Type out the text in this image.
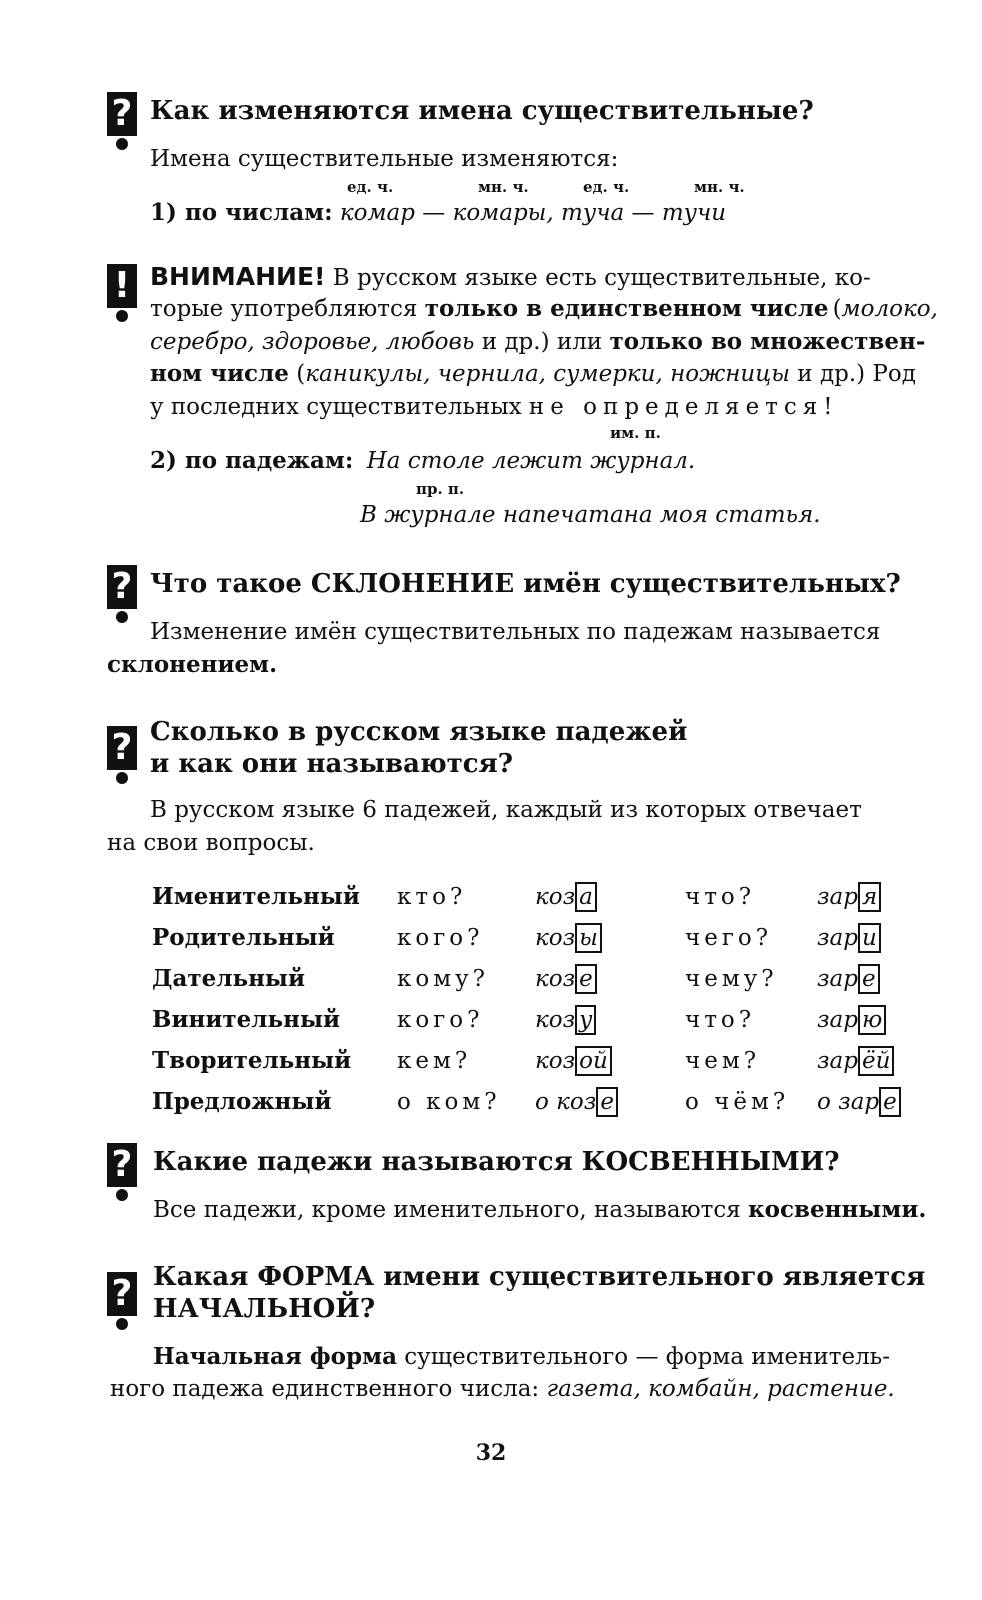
? Как изменяются имена существительные?
Имена существительные изменяются:
ед. ч.	мн. ч.	ед. ч.	мн. ч.
1) по числам: комар — комары, туча — тучи
! ВНИМАНИЕ! В русском языке есть существительные, ко-
торые употребляются только в единственном числе (молоко,
серебро, здоровье, любовь и др.) или только во множествен-
ном числе (каникулы, чернила, сумерки, ножницы и др.) Род
у последних существительных не определяется!
им. п.
2) по падежам: На столе лежит журнал.
пр. п.
В журнале напечатана моя статья.
? Что такое СКЛОНЕНИЕ имён существительных?
Изменение имён существительных по падежам называется
склонением.
? Сколько в русском языке падежей
и как они называются?
В русском языке 6 падежей, каждый из которых отвечает
на свои вопросы.
Именительный	кто?	коз а	что?	зар я
Родительный	кого?	коз ы	чего?	зар и
Дательный	кому?	коз е	чему?	зар е
Винительный	кого?	коз у	что?	зар ю
Творительный	кем?	коз ой	чем?	зар ёй
Предложный	о ком?	о коз е	о чём?	о зар е
? Какие падежи называются КОСВЕННЫМИ?
Все падежи, кроме именительного, называются косвенными.
? Какая ФОРМА имени существительного является
НАЧАЛЬНОЙ?
Начальная форма существительного — форма именитель-
ного падежа единственного числа: газета, комбайн, растение.
32
